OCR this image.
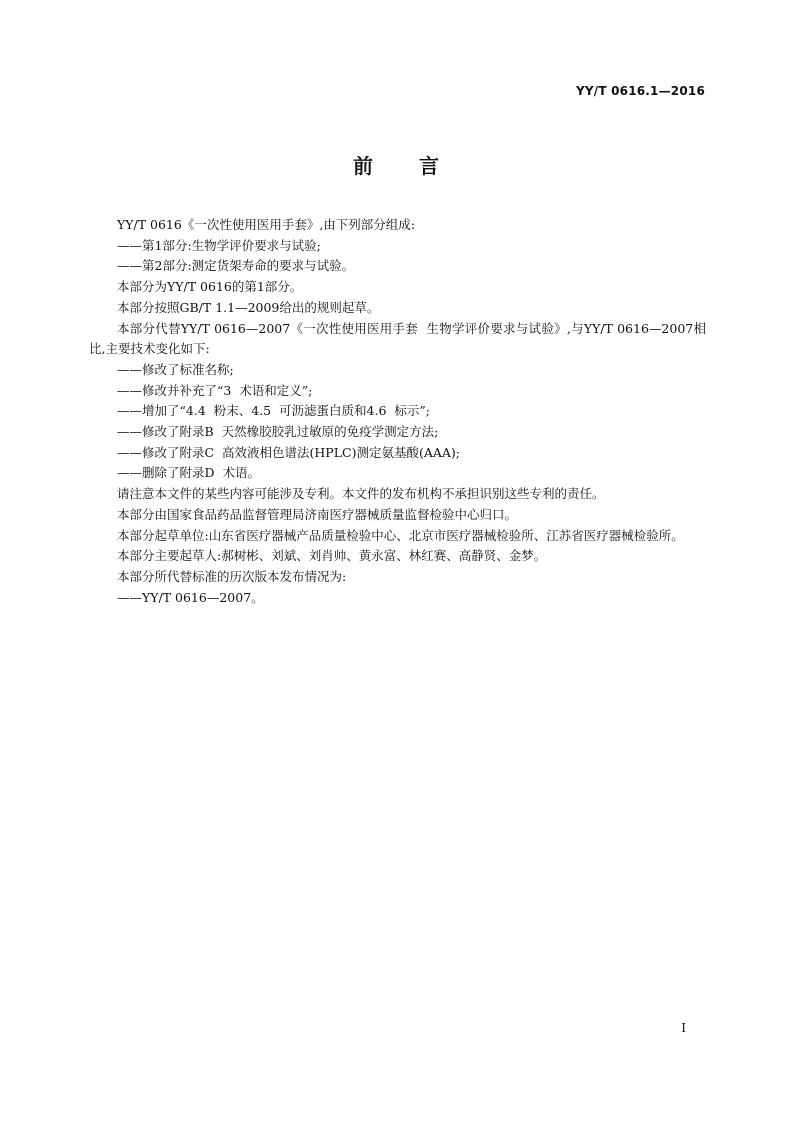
YY/T 0616.1—2016
前 言

YY/T 0616《一次性使用医用手套》,由下列部分组成:

——第1部分:生物学评价要求与试验;

——第2部分:测定货架寿命的要求与试验。

本部分为YY/T 0616的第1部分。

本部分按照GB/T 1.1—2009给出的规则起草。

本部分代替YY/T 0616—2007《一次性使用医用手套  生物学评价要求与试验》,与YY/T 0616—2007相比,主要技术变化如下:

——修改了标准名称;

——修改并补充了“3  术语和定义”;

——增加了“4.4  粉末、4.5  可沥滤蛋白质和4.6  标示”;

——修改了附录B  天然橡胶胶乳过敏原的免疫学测定方法;

——修改了附录C  高效液相色谱法(HPLC)测定氨基酸(AAA);

——删除了附录D  术语。

请注意本文件的某些内容可能涉及专利。本文件的发布机构不承担识别这些专利的责任。

本部分由国家食品药品监督管理局济南医疗器械质量监督检验中心归口。

本部分起草单位:山东省医疗器械产品质量检验中心、北京市医疗器械检验所、江苏省医疗器械检验所。

本部分主要起草人:郝树彬、刘斌、刘肖帅、黄永富、林红赛、高静贤、金梦。

本部分所代替标准的历次版本发布情况为:

——YY/T 0616—2007。

I
